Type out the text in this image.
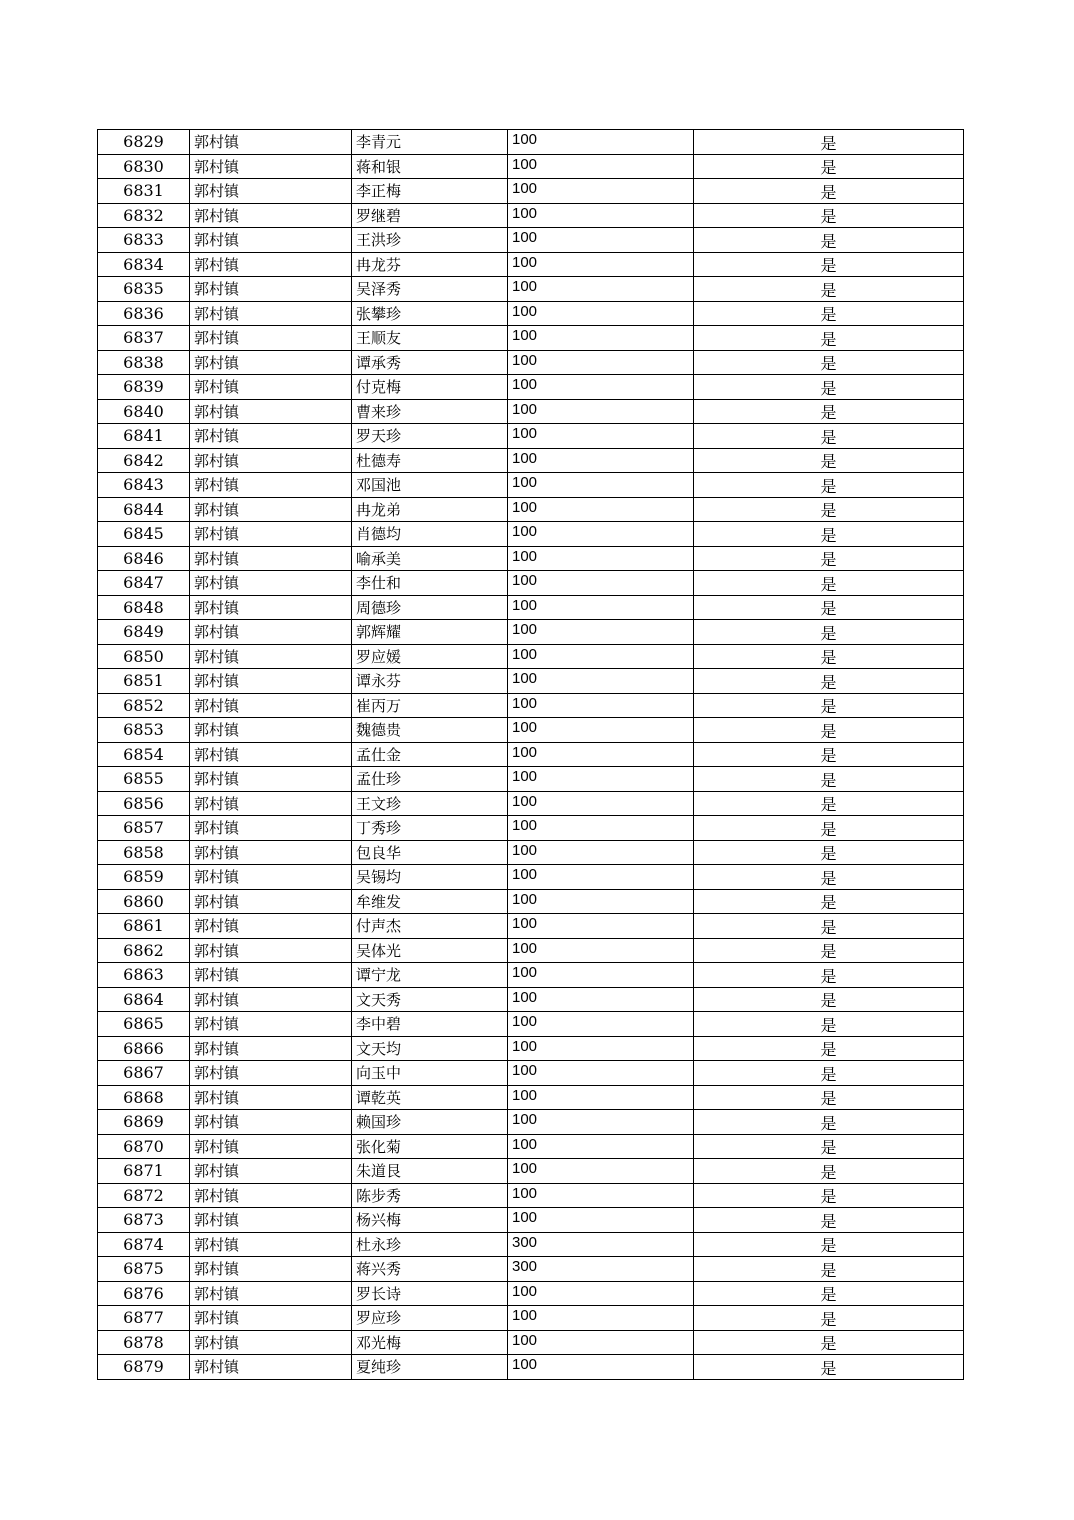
6829	郭村镇	李青元	100	是
6830	郭村镇	蒋和银	100	是
6831	郭村镇	李正梅	100	是
6832	郭村镇	罗继碧	100	是
6833	郭村镇	王洪珍	100	是
6834	郭村镇	冉龙芬	100	是
6835	郭村镇	吴泽秀	100	是
6836	郭村镇	张攀珍	100	是
6837	郭村镇	王顺友	100	是
6838	郭村镇	谭承秀	100	是
6839	郭村镇	付克梅	100	是
6840	郭村镇	曹来珍	100	是
6841	郭村镇	罗天珍	100	是
6842	郭村镇	杜德寿	100	是
6843	郭村镇	邓国池	100	是
6844	郭村镇	冉龙弟	100	是
6845	郭村镇	肖德均	100	是
6846	郭村镇	喻承美	100	是
6847	郭村镇	李仕和	100	是
6848	郭村镇	周德珍	100	是
6849	郭村镇	郭辉耀	100	是
6850	郭村镇	罗应媛	100	是
6851	郭村镇	谭永芬	100	是
6852	郭村镇	崔丙万	100	是
6853	郭村镇	魏德贵	100	是
6854	郭村镇	孟仕金	100	是
6855	郭村镇	孟仕珍	100	是
6856	郭村镇	王文珍	100	是
6857	郭村镇	丁秀珍	100	是
6858	郭村镇	包良华	100	是
6859	郭村镇	吴锡均	100	是
6860	郭村镇	牟维发	100	是
6861	郭村镇	付声杰	100	是
6862	郭村镇	吴体光	100	是
6863	郭村镇	谭宁龙	100	是
6864	郭村镇	文天秀	100	是
6865	郭村镇	李中碧	100	是
6866	郭村镇	文天均	100	是
6867	郭村镇	向玉中	100	是
6868	郭村镇	谭乾英	100	是
6869	郭村镇	赖国珍	100	是
6870	郭村镇	张化菊	100	是
6871	郭村镇	朱道艮	100	是
6872	郭村镇	陈步秀	100	是
6873	郭村镇	杨兴梅	100	是
6874	郭村镇	杜永珍	300	是
6875	郭村镇	蒋兴秀	300	是
6876	郭村镇	罗长诗	100	是
6877	郭村镇	罗应珍	100	是
6878	郭村镇	邓光梅	100	是
6879	郭村镇	夏纯珍	100	是
